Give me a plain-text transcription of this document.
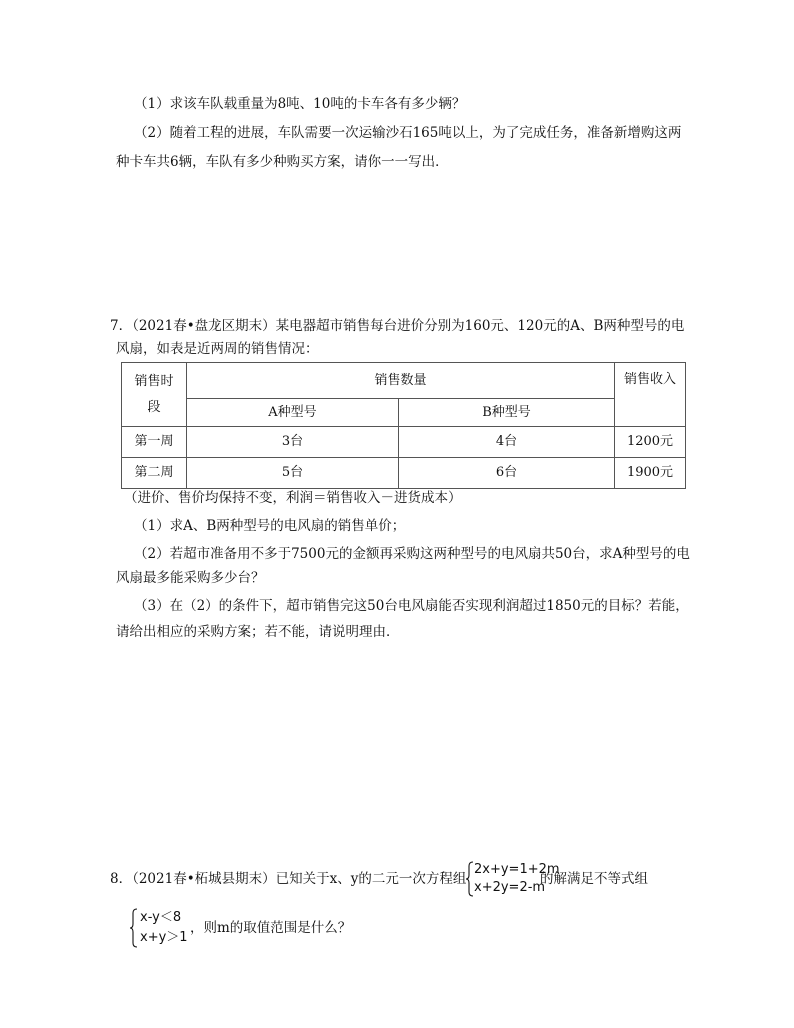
（1）求该车队载重量为8吨、10吨的卡车各有多少辆？
（2）随着工程的进展，车队需要一次运输沙石165吨以上，为了完成任务，准备新增购这两
种卡车共6辆，车队有多少种购买方案，请你一一写出．
7．（2021春•盘龙区期末）某电器超市销售每台进价分别为160元、120元的A、B两种型号的电
风扇，如表是近两周的销售情况：
销售时
段	销售数量		销售收入
	A种型号	B种型号	
第一周	3台	4台	1200元
第二周	5台	6台	1900元
（进价、售价均保持不变，利润＝销售收入－进货成本）
（1）求A、B两种型号的电风扇的销售单价；
（2）若超市准备用不多于7500元的金额再采购这两种型号的电风扇共50台，求A种型号的电
风扇最多能采购多少台？
（3）在（2）的条件下，超市销售完这50台电风扇能否实现利润超过1850元的目标？若能，
请给出相应的采购方案；若不能，请说明理由．
8．（2021春•柘城县期末）已知关于x、y的二元一次方程组
2x+y=1+2m
x+2y=2-m
的解满足不等式组
x-y＜8
x+y＞1
，则m的取值范围是什么？
